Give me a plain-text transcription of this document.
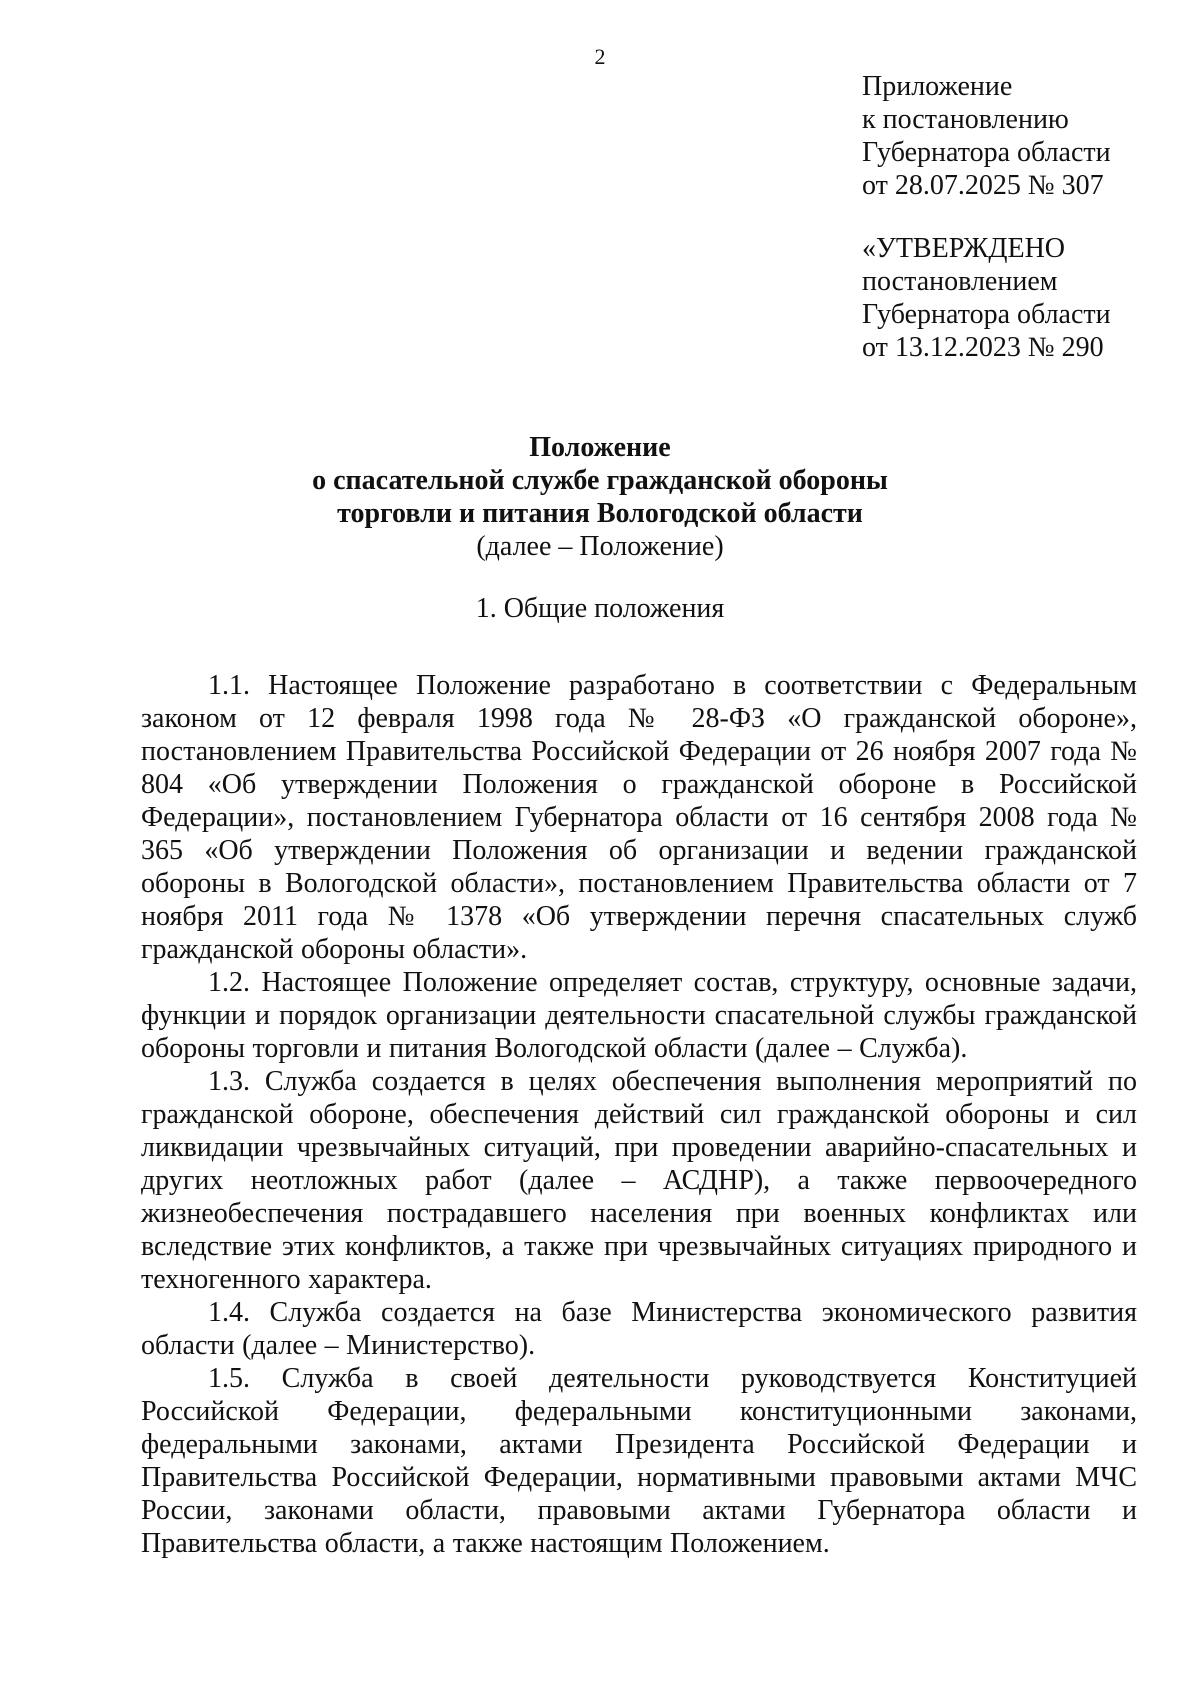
2
Приложение
к постановлению
Губернатора области
от 28.07.2025 № 307
«УТВЕРЖДЕНО
постановлением
Губернатора области
от 13.12.2023 № 290
Положение
о спасательной службе гражданской обороны
торговли и питания Вологодской области
(далее – Положение)
1. Общие положения

1.1. Настоящее Положение разработано в соответствии с Федеральным законом от 12 февраля 1998 года № 28-ФЗ «О гражданской обороне», постановлением Правительства Российской Федерации от 26 ноября 2007 года № 804 «Об утверждении Положения о гражданской обороне в Российской Федерации», постановлением Губернатора области от 16 сентября 2008 года № 365 «Об утверждении Положения об организации и ведении гражданской обороны в Вологодской области», постановлением Правительства области от 7 ноября 2011 года № 1378 «Об утверждении перечня спасательных служб гражданской обороны области».

1.2. Настоящее Положение определяет состав, структуру, основные задачи, функции и порядок организации деятельности спасательной службы гражданской обороны торговли и питания Вологодской области (далее – Служба).

1.3. Служба создается в целях обеспечения выполнения мероприятий по гражданской обороне, обеспечения действий сил гражданской обороны и сил ликвидации чрезвычайных ситуаций, при проведении аварийно-спасательных и других неотложных работ (далее – АСДНР), а также первоочередного жизнеобеспечения пострадавшего населения при военных конфликтах или вследствие этих конфликтов, а также при чрезвычайных ситуациях природного и техногенного характера.

1.4. Служба создается на базе Министерства экономического развития области (далее – Министерство).

1.5. Служба в своей деятельности руководствуется Конституцией Российской Федерации, федеральными конституционными законами, федеральными законами, актами Президента Российской Федерации и Правительства Российской Федерации, нормативными правовыми актами МЧС России, законами области, правовыми актами Губернатора области и Правительства области, а также настоящим Положением.
